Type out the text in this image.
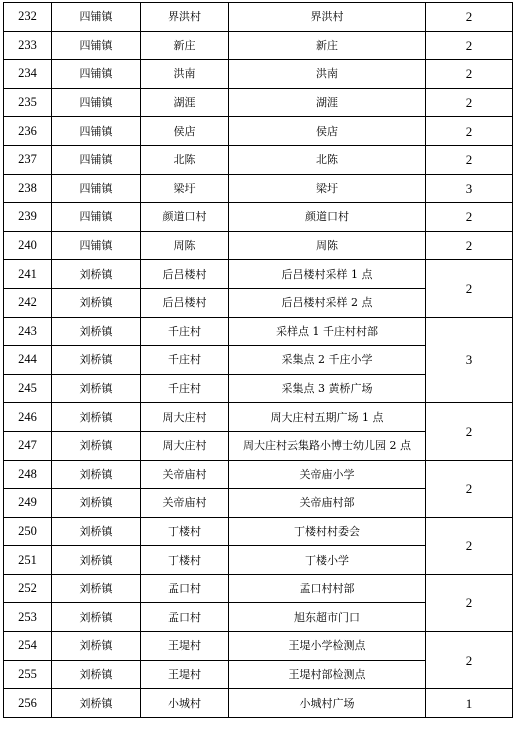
232	四铺镇	界洪村	界洪村	2
233	四铺镇	新庄	新庄	2
234	四铺镇	洪南	洪南	2
235	四铺镇	湖涯	湖涯	2
236	四铺镇	侯店	侯店	2
237	四铺镇	北陈	北陈	2
238	四铺镇	梁圩	梁圩	3
239	四铺镇	颜道口村	颜道口村	2
240	四铺镇	周陈	周陈	2
241	刘桥镇	后吕楼村	后吕楼村采样 1 点	2
242	刘桥镇	后吕楼村	后吕楼村采样 2 点	
243	刘桥镇	千庄村	采样点 1 千庄村村部	3
244	刘桥镇	千庄村	采集点 2 千庄小学	
245	刘桥镇	千庄村	采集点 3 黄桥广场	
246	刘桥镇	周大庄村	周大庄村五期广场 1 点	2
247	刘桥镇	周大庄村	周大庄村云集路小博士幼儿园 2 点	
248	刘桥镇	关帝庙村	关帝庙小学	2
249	刘桥镇	关帝庙村	关帝庙村部	
250	刘桥镇	丁楼村	丁楼村村委会	2
251	刘桥镇	丁楼村	丁楼小学	
252	刘桥镇	孟口村	孟口村村部	2
253	刘桥镇	孟口村	旭东超市门口	
254	刘桥镇	王堤村	王堤小学检测点	2
255	刘桥镇	王堤村	王堤村部检测点	
256	刘桥镇	小城村	小城村广场	1
